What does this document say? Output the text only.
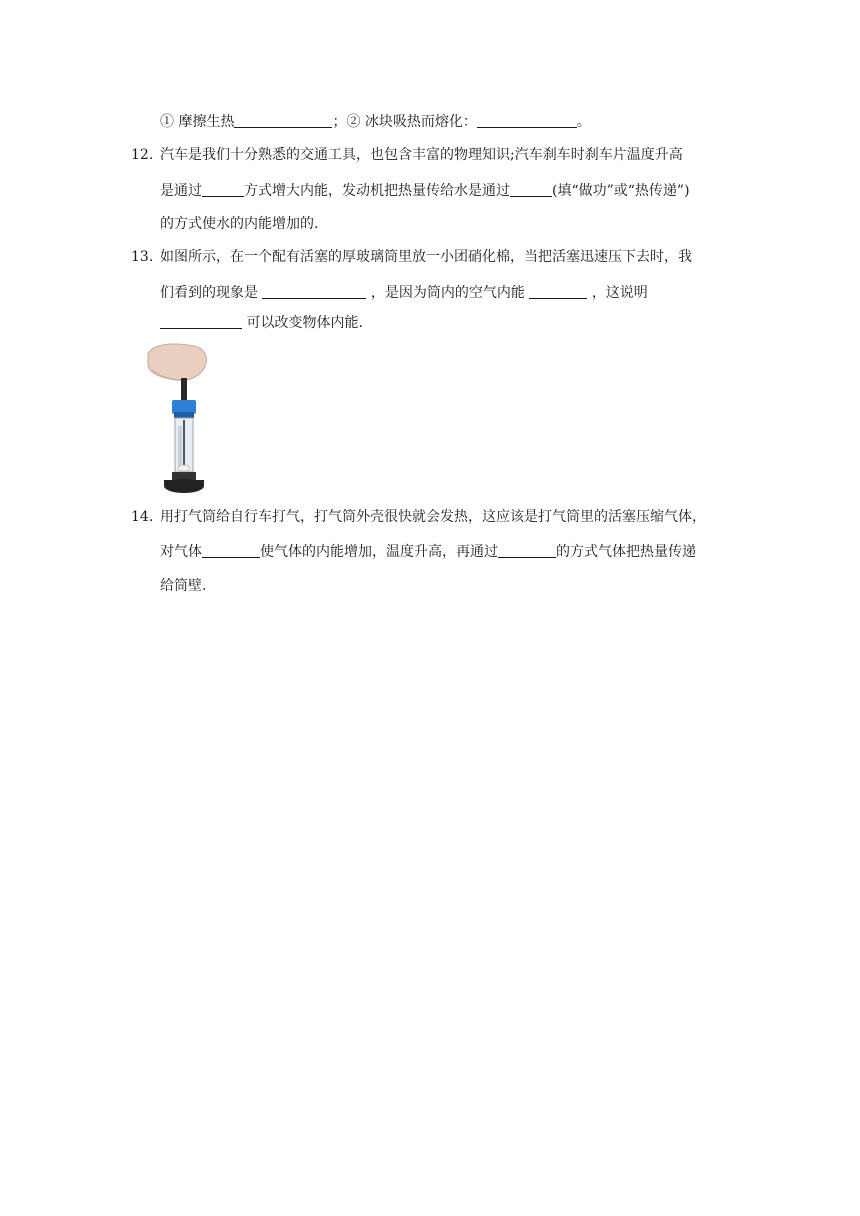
① 摩擦生热	；② 冰块吸热而熔化：	。
12. 汽车是我们十分熟悉的交通工具，也包含丰富的物理知识;汽车刹车时刹车片温度升高
是通过	方式增大内能，发动机把热量传给水是通过	(填“做功”或“热传递”)
的方式使水的内能增加的.
13. 如图所示，在一个配有活塞的厚玻璃筒里放一小团硝化棉，当把活塞迅速压下去时，我
们看到的现象是	，是因为筒内的空气内能	，这说明
可以改变物体内能.
14. 用打气筒给自行车打气，打气筒外壳很快就会发热，这应该是打气筒里的活塞压缩气体，
对气体	使气体的内能增加，温度升高，再通过	的方式气体把热量传递
给筒壁.
